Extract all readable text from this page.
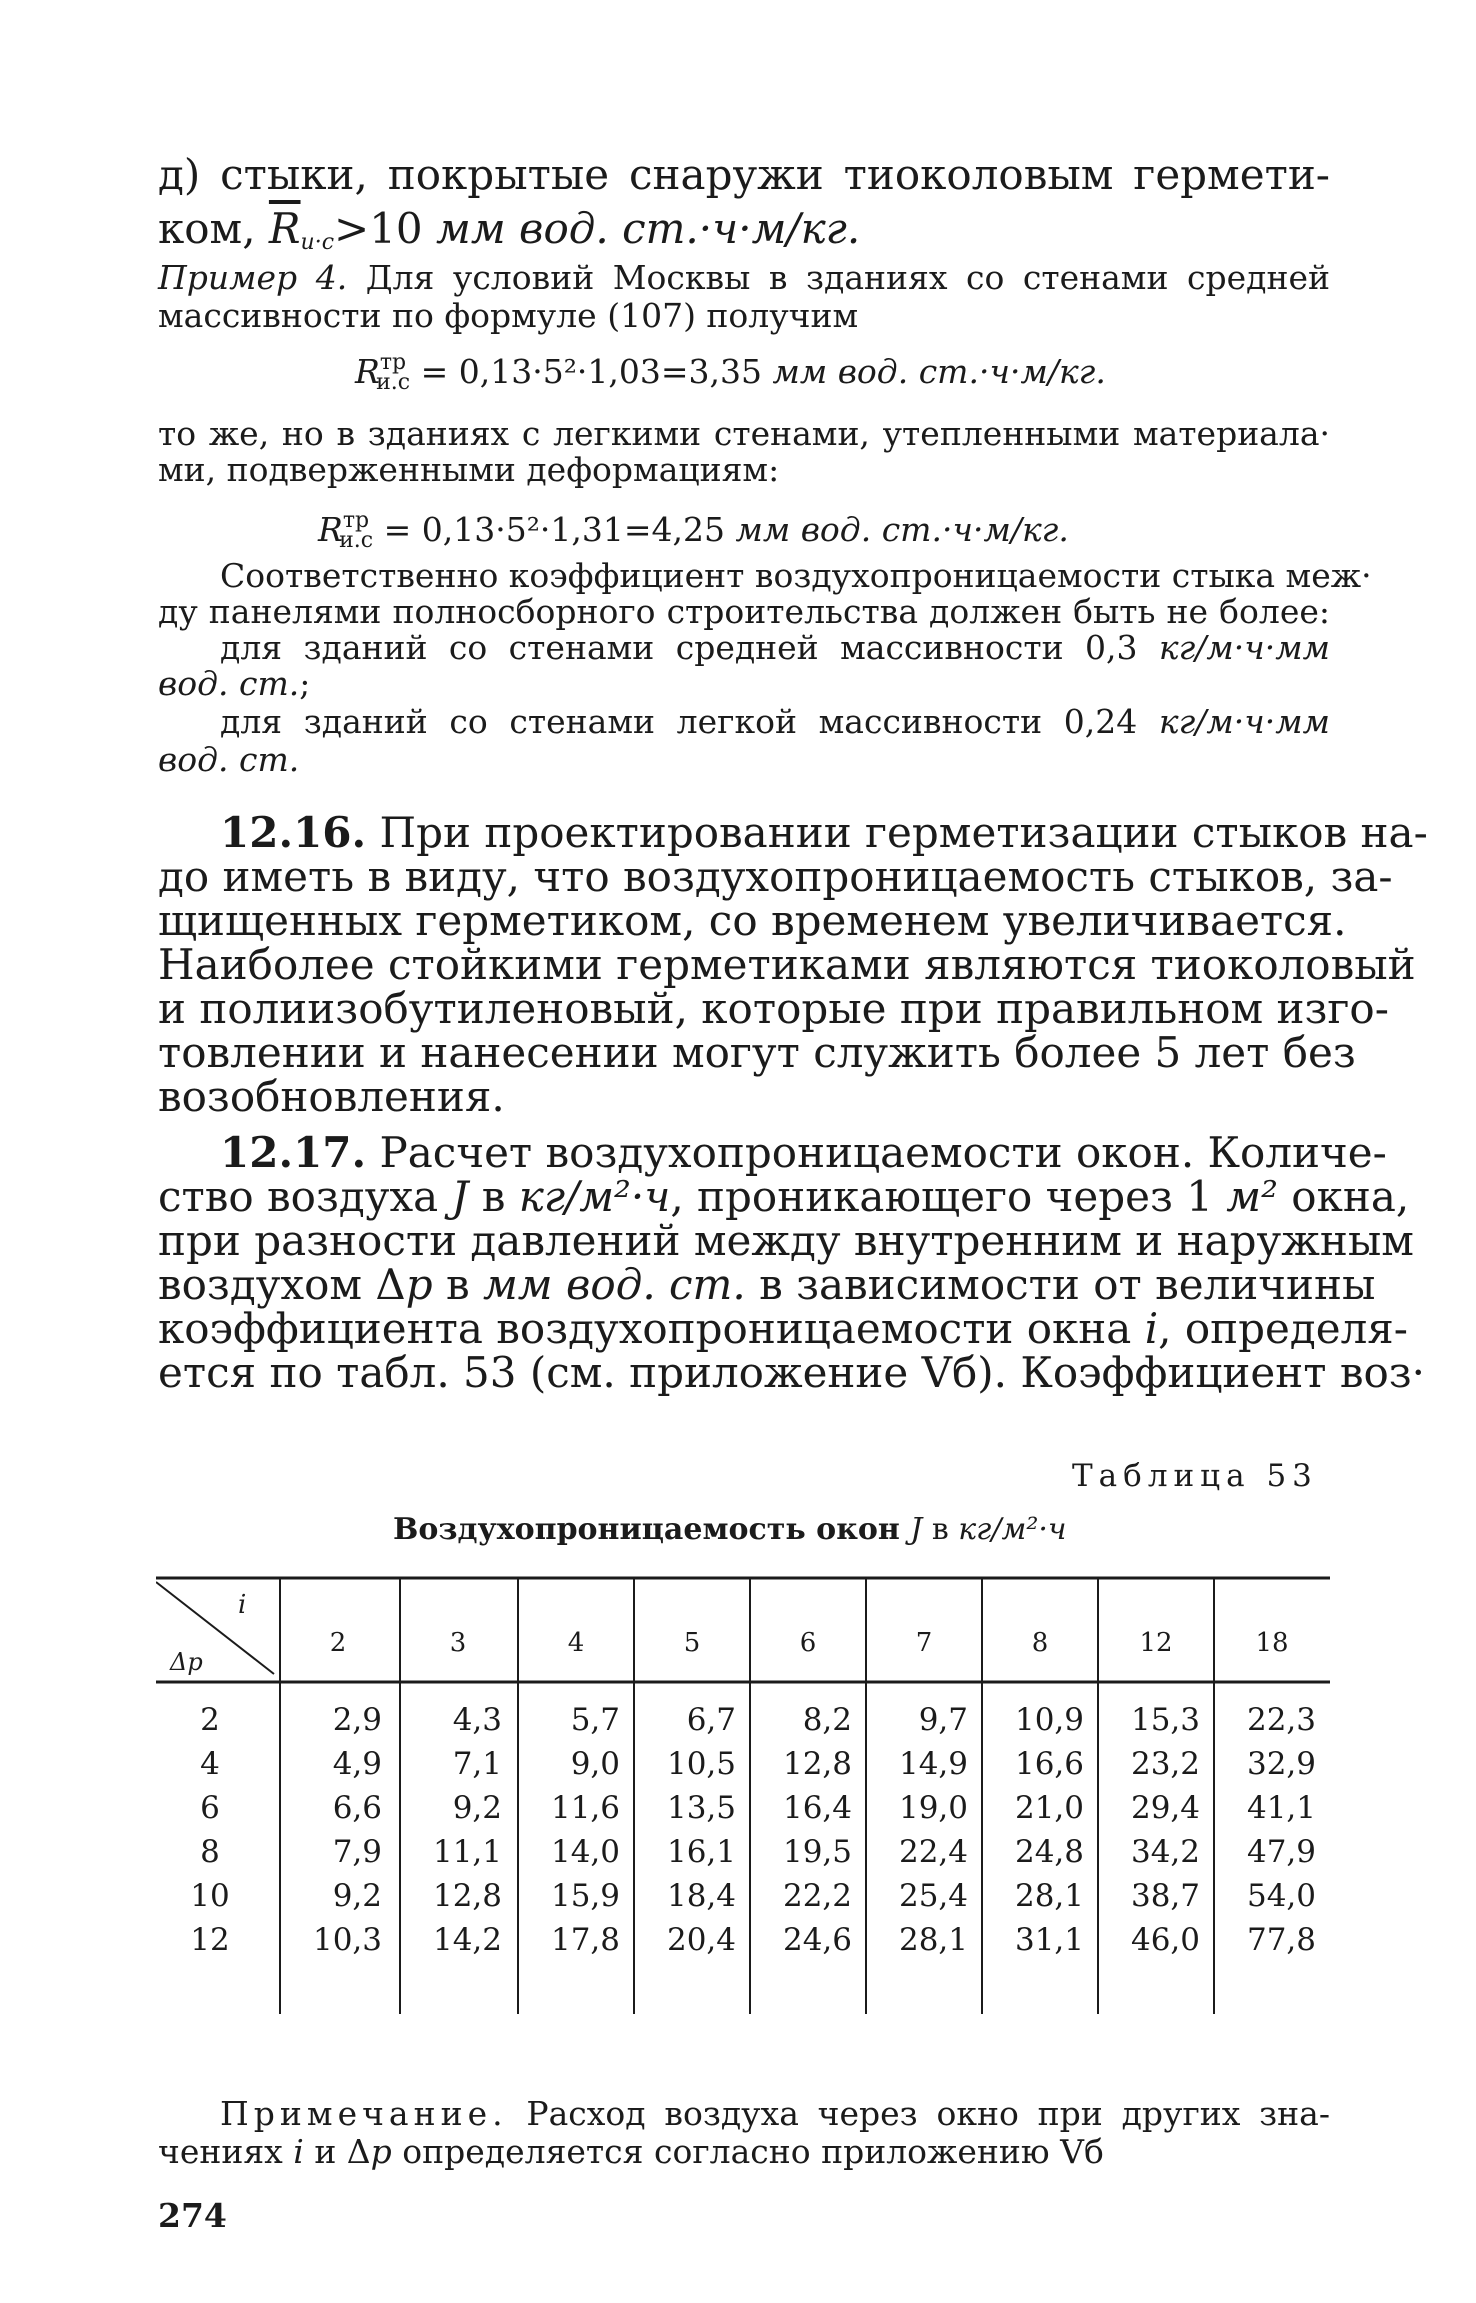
д) стыки, покрытые снаружи тиоколовым гермети-
ком, $\overline{R}_{и\cdot с}>10$ мм вод. ст.·ч·м/кг.
Пример 4. Для условий Москвы в зданиях со стенами средней
массивности по формуле (107) получим
$R^{тр}_{и.с} = 0,13\cdot 5^2\cdot 1,03=3,35$ мм вод. ст.·ч·м/кг.
то же, но в зданиях с легкими стенами, утепленными материала·
ми, подверженными деформациям:
$R^{тр}_{и.с} = 0,13\cdot 5^2\cdot 1,31=4,25$ мм вод. ст.·ч·м/кг.
Соответственно коэффициент воздухопроницаемости стыка меж·
ду панелями полносборного строительства должен быть не более:
для зданий со стенами средней массивности 0,3 кг/м·ч·мм
вод. ст.;
для зданий со стенами легкой массивности 0,24 кг/м·ч·мм
вод. ст.
12.16. При проектировании герметизации стыков на-
до иметь в виду, что воздухопроницаемость стыков, за-
щищенных герметиком, со временем увеличивается.
Наиболее стойкими герметиками являются тиоколовый
и полиизобутиленовый, которые при правильном изго-
товлении и нанесении могут служить более 5 лет без
возобновления.
12.17. Расчет воздухопроницаемости окон. Количе-
ство воздуха J в кг/м²·ч, проникающего через 1 м² окна,
при разности давлений между внутренним и наружным
воздухом Δp в мм вод. ст. в зависимости от величины
коэффициента воздухопроницаемости окна i, определя-
ется по табл. 53 (см. приложение Vб). Коэффициент воз·
Таблица 53
Воздухопроницаемость окон J в кг/м²·ч
i
Δp
2	3	4	5	6	7	8	12	18
2	2,9	4,3	5,7	6,7	8,2	9,7	10,9	15,3	22,3
4	4,9	7,1	9,0	10,5	12,8	14,9	16,6	23,2	32,9
6	6,6	9,2	11,6	13,5	16,4	19,0	21,0	29,4	41,1
8	7,9	11,1	14,0	16,1	19,5	22,4	24,8	34,2	47,9
10	9,2	12,8	15,9	18,4	22,2	25,4	28,1	38,7	54,0
12	10,3	14,2	17,8	20,4	24,6	28,1	31,1	46,0	77,8
Примечание. Расход воздуха через окно при других зна-
чениях i и Δp определяется согласно приложению Vб
274
